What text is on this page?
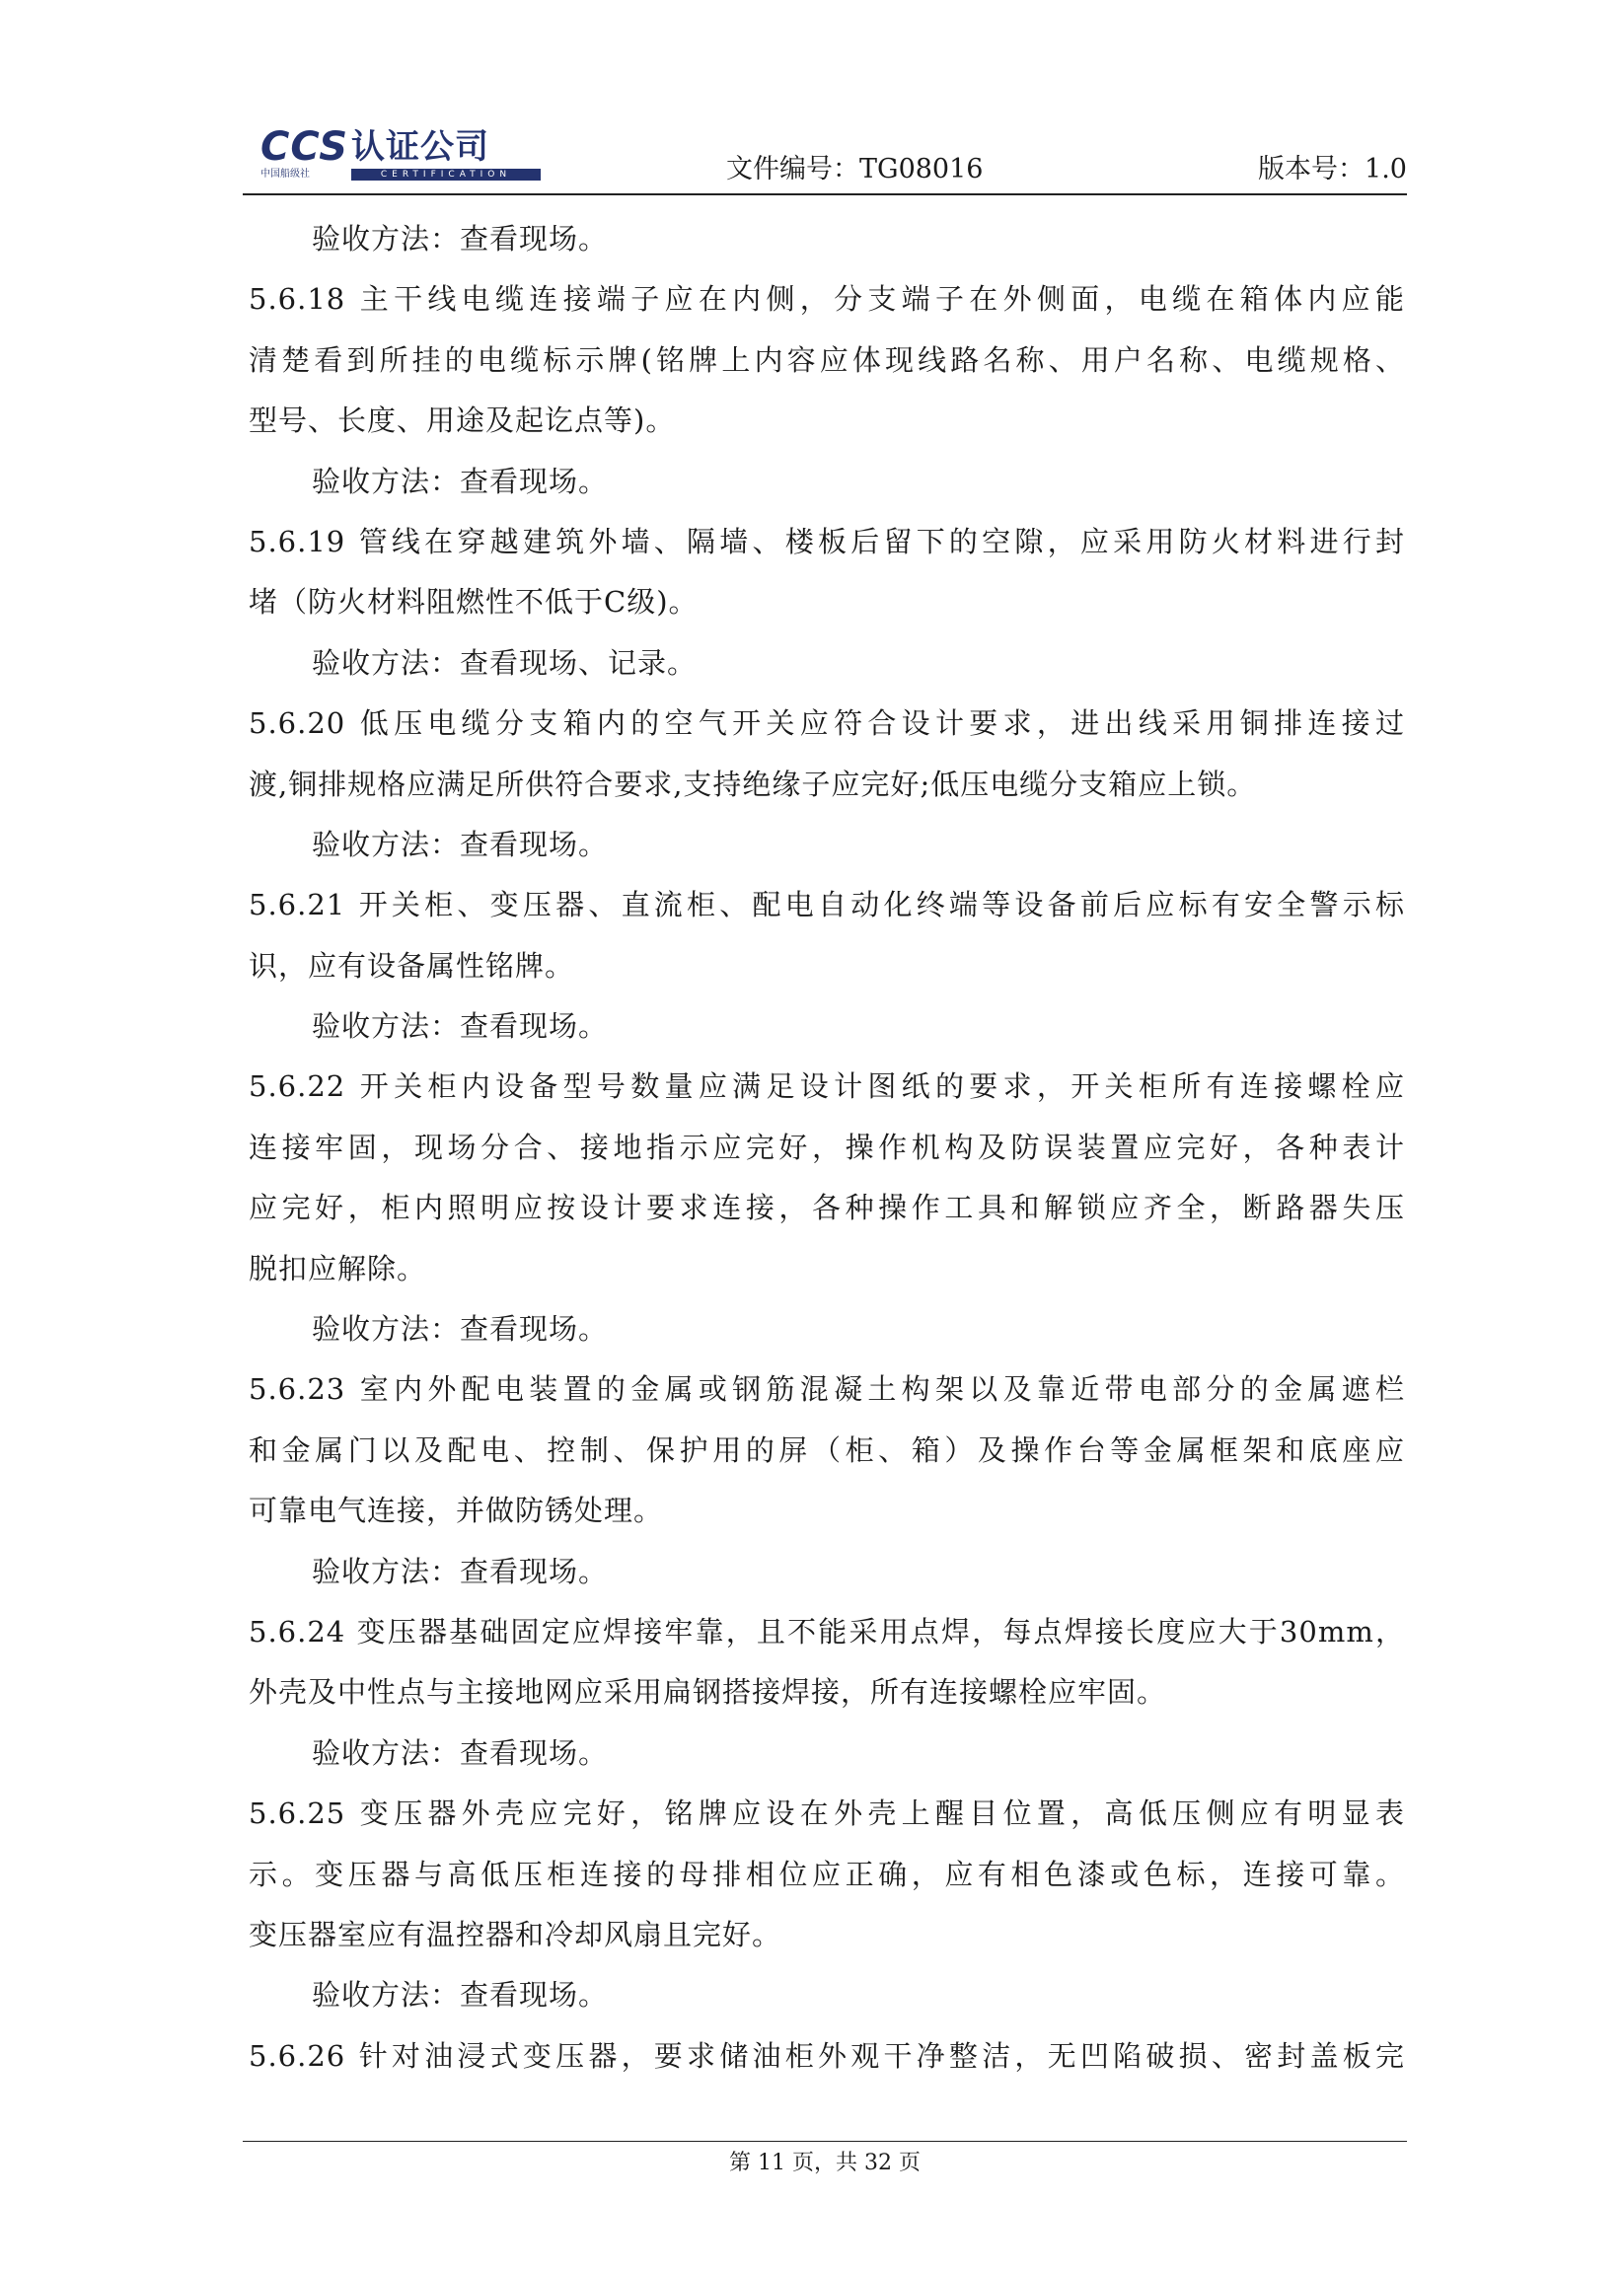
CCS 认证公司
中国船级社	CERTIFICATION	文件编号：TG08016	版本号：1.0
验收方法：查看现场。
5.6.18 主干线电缆连接端子应在内侧，分支端子在外侧面，电缆在箱体内应能
清楚看到所挂的电缆标示牌(铭牌上内容应体现线路名称、用户名称、电缆规格、
型号、长度、用途及起讫点等)。
验收方法：查看现场。
5.6.19 管线在穿越建筑外墙、隔墙、楼板后留下的空隙，应采用防火材料进行封
堵（防火材料阻燃性不低于C级)。
验收方法：查看现场、记录。
5.6.20 低压电缆分支箱内的空气开关应符合设计要求，进出线采用铜排连接过
渡,铜排规格应满足所供符合要求,支持绝缘子应完好;低压电缆分支箱应上锁。
验收方法：查看现场。
5.6.21 开关柜、变压器、直流柜、配电自动化终端等设备前后应标有安全警示标
识，应有设备属性铭牌。
验收方法：查看现场。
5.6.22 开关柜内设备型号数量应满足设计图纸的要求，开关柜所有连接螺栓应
连接牢固，现场分合、接地指示应完好，操作机构及防误装置应完好，各种表计
应完好，柜内照明应按设计要求连接，各种操作工具和解锁应齐全，断路器失压
脱扣应解除。
验收方法：查看现场。
5.6.23 室内外配电装置的金属或钢筋混凝土构架以及靠近带电部分的金属遮栏
和金属门以及配电、控制、保护用的屏（柜、箱）及操作台等金属框架和底座应
可靠电气连接，并做防锈处理。
验收方法：查看现场。
5.6.24 变压器基础固定应焊接牢靠，且不能采用点焊，每点焊接长度应大于30mm，
外壳及中性点与主接地网应采用扁钢搭接焊接，所有连接螺栓应牢固。
验收方法：查看现场。
5.6.25 变压器外壳应完好，铭牌应设在外壳上醒目位置，高低压侧应有明显表
示。变压器与高低压柜连接的母排相位应正确，应有相色漆或色标，连接可靠。
变压器室应有温控器和冷却风扇且完好。
验收方法：查看现场。
5.6.26 针对油浸式变压器，要求储油柜外观干净整洁，无凹陷破损、密封盖板完
第 11 页，共 32 页
